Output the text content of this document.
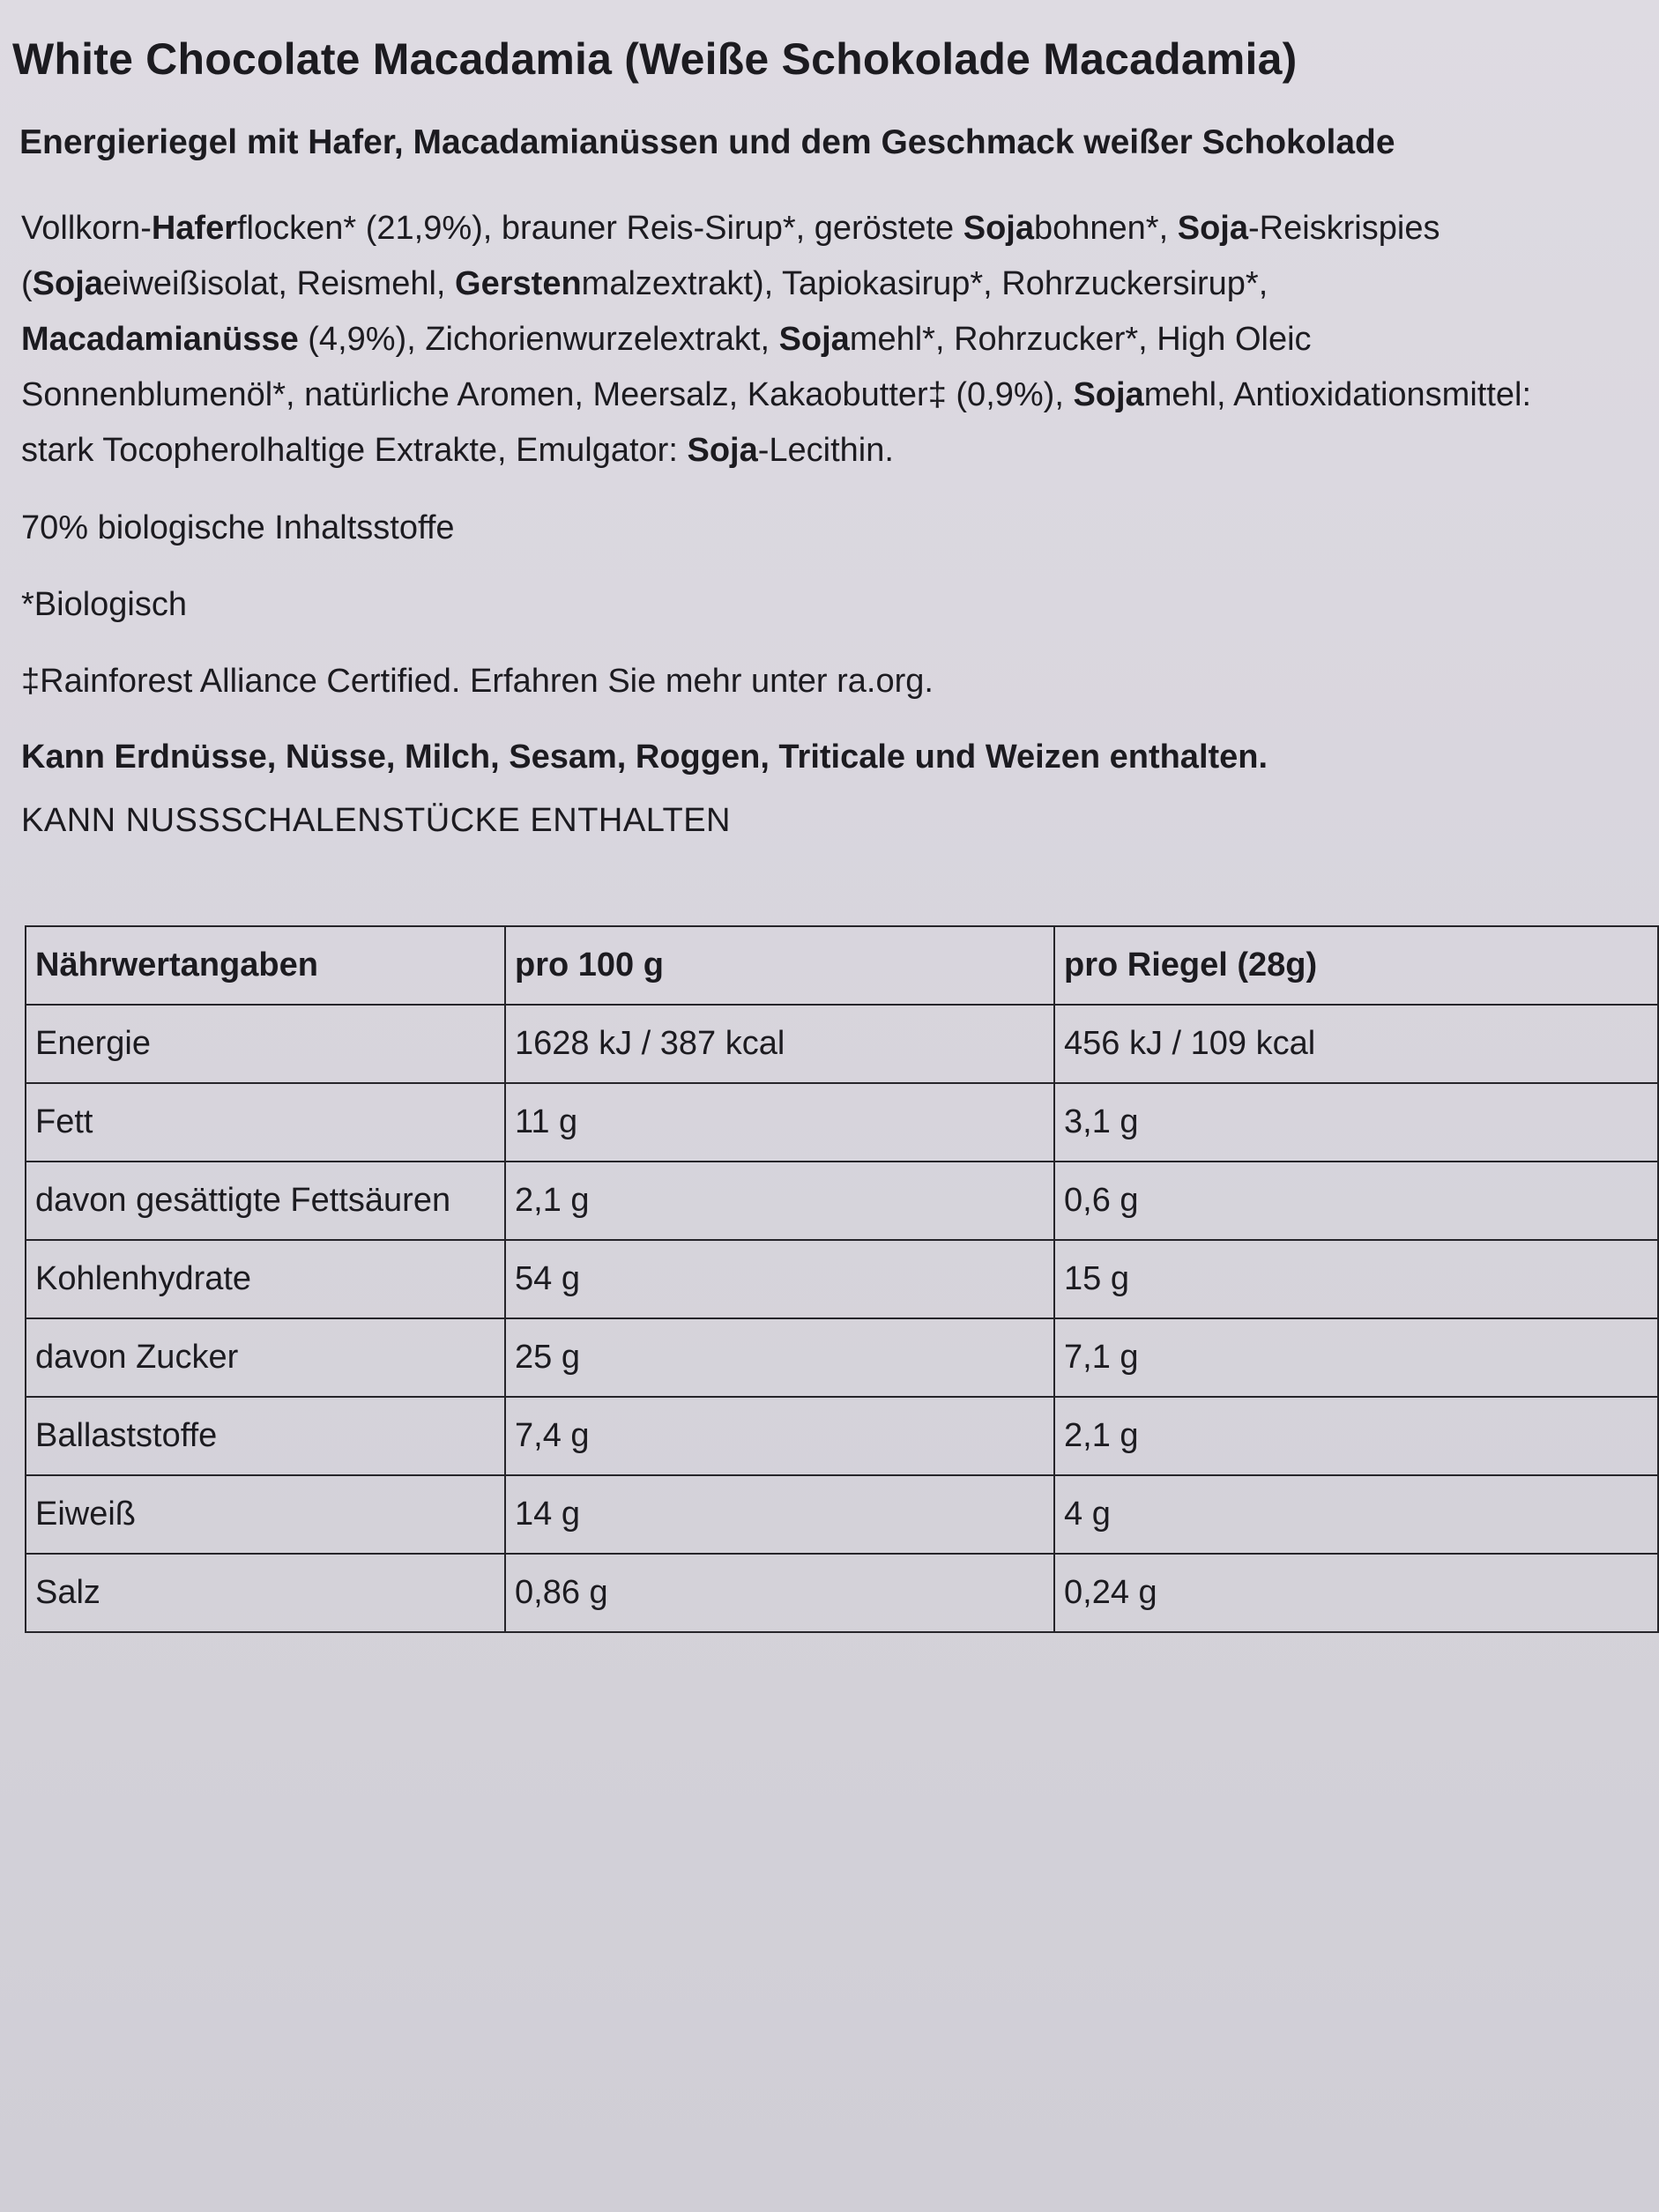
White Chocolate Macadamia (Weiße Schokolade Macadamia)
Energieriegel mit Hafer, Macadamianüssen und dem Geschmack weißer Schokolade

Vollkorn-Haferflocken* (21,9%), brauner Reis-Sirup*, geröstete Sojabohnen*, Soja-Reiskrispies
(Sojaeiweißisolat, Reismehl, Gerstenmalzextrakt), Tapiokasirup*, Rohrzuckersirup*,
Macadamianüsse (4,9%), Zichorienwurzelextrakt, Sojamehl*, Rohrzucker*, High Oleic
Sonnenblumenöl*, natürliche Aromen, Meersalz, Kakaobutter‡ (0,9%), Sojamehl, Antioxidationsmittel:
stark Tocopherolhaltige Extrakte, Emulgator: Soja-Lecithin.

70% biologische Inhaltsstoffe

*Biologisch

‡Rainforest Alliance Certified. Erfahren Sie mehr unter ra.org.

Kann Erdnüsse, Nüsse, Milch, Sesam, Roggen, Triticale und Weizen enthalten.

KANN NUSSSCHALENSTÜCKE ENTHALTEN

Nährwertangaben	pro 100 g	pro Riegel (28g)
Energie	1628 kJ / 387 kcal	456 kJ / 109 kcal
Fett	11 g	3,1 g
davon gesättigte Fettsäuren	2,1 g	0,6 g
Kohlenhydrate	54 g	15 g
davon Zucker	25 g	7,1 g
Ballaststoffe	7,4 g	2,1 g
Eiweiß	14 g	4 g
Salz	0,86 g	0,24 g
